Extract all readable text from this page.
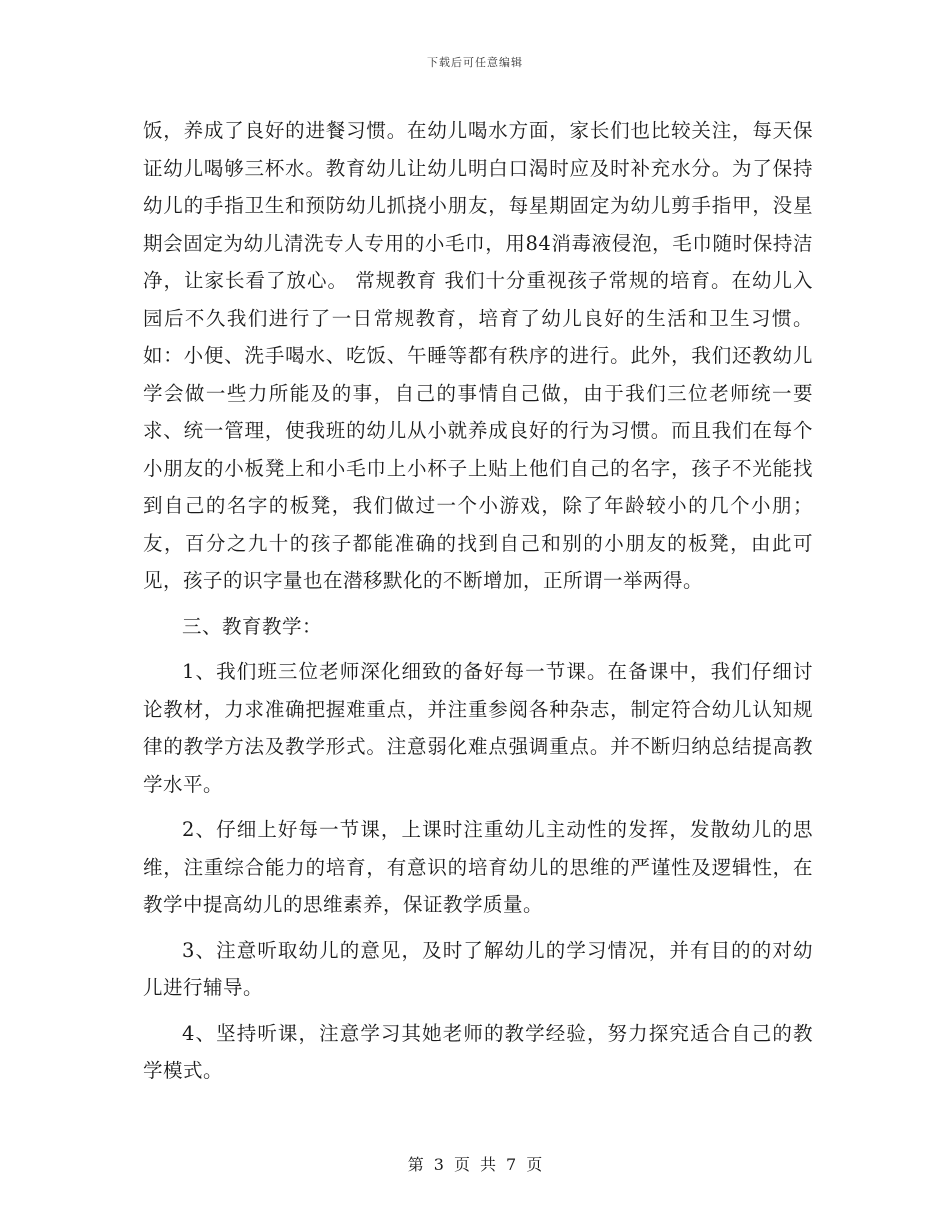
下载后可任意编辑

饭，养成了良好的进餐习惯。在幼儿喝水方面，家长们也比较关注，每天保证幼儿喝够三杯水。教育幼儿让幼儿明白口渴时应及时补充水分。为了保持幼儿的手指卫生和预防幼儿抓挠小朋友，每星期固定为幼儿剪手指甲，没星期会固定为幼儿清洗专人专用的小毛巾，用84消毒液侵泡，毛巾随时保持洁净，让家长看了放心。 常规教育 我们十分重视孩子常规的培育。在幼儿入园后不久我们进行了一日常规教育，培育了幼儿良好的生活和卫生习惯。如：小便、洗手喝水、吃饭、午睡等都有秩序的进行。此外，我们还教幼儿学会做一些力所能及的事，自己的事情自己做，由于我们三位老师统一要求、统一管理，使我班的幼儿从小就养成良好的行为习惯。而且我们在每个小朋友的小板凳上和小毛巾上小杯子上贴上他们自己的名字，孩子不光能找到自己的名字的板凳，我们做过一个小游戏，除了年龄较小的几个小朋；友，百分之九十的孩子都能准确的找到自己和别的小朋友的板凳，由此可见，孩子的识字量也在潜移默化的不断增加，正所谓一举两得。

三、教育教学：

1、我们班三位老师深化细致的备好每一节课。在备课中，我们仔细讨论教材，力求准确把握难重点，并注重参阅各种杂志，制定符合幼儿认知规律的教学方法及教学形式。注意弱化难点强调重点。并不断归纳总结提高教学水平。

2、仔细上好每一节课，上课时注重幼儿主动性的发挥，发散幼儿的思维，注重综合能力的培育，有意识的培育幼儿的思维的严谨性及逻辑性，在教学中提高幼儿的思维素养，保证教学质量。

3、注意听取幼儿的意见，及时了解幼儿的学习情况，并有目的的对幼儿进行辅导。

4、坚持听课，注意学习其她老师的教学经验，努力探究适合自己的教学模式。

第 3 页 共 7 页
